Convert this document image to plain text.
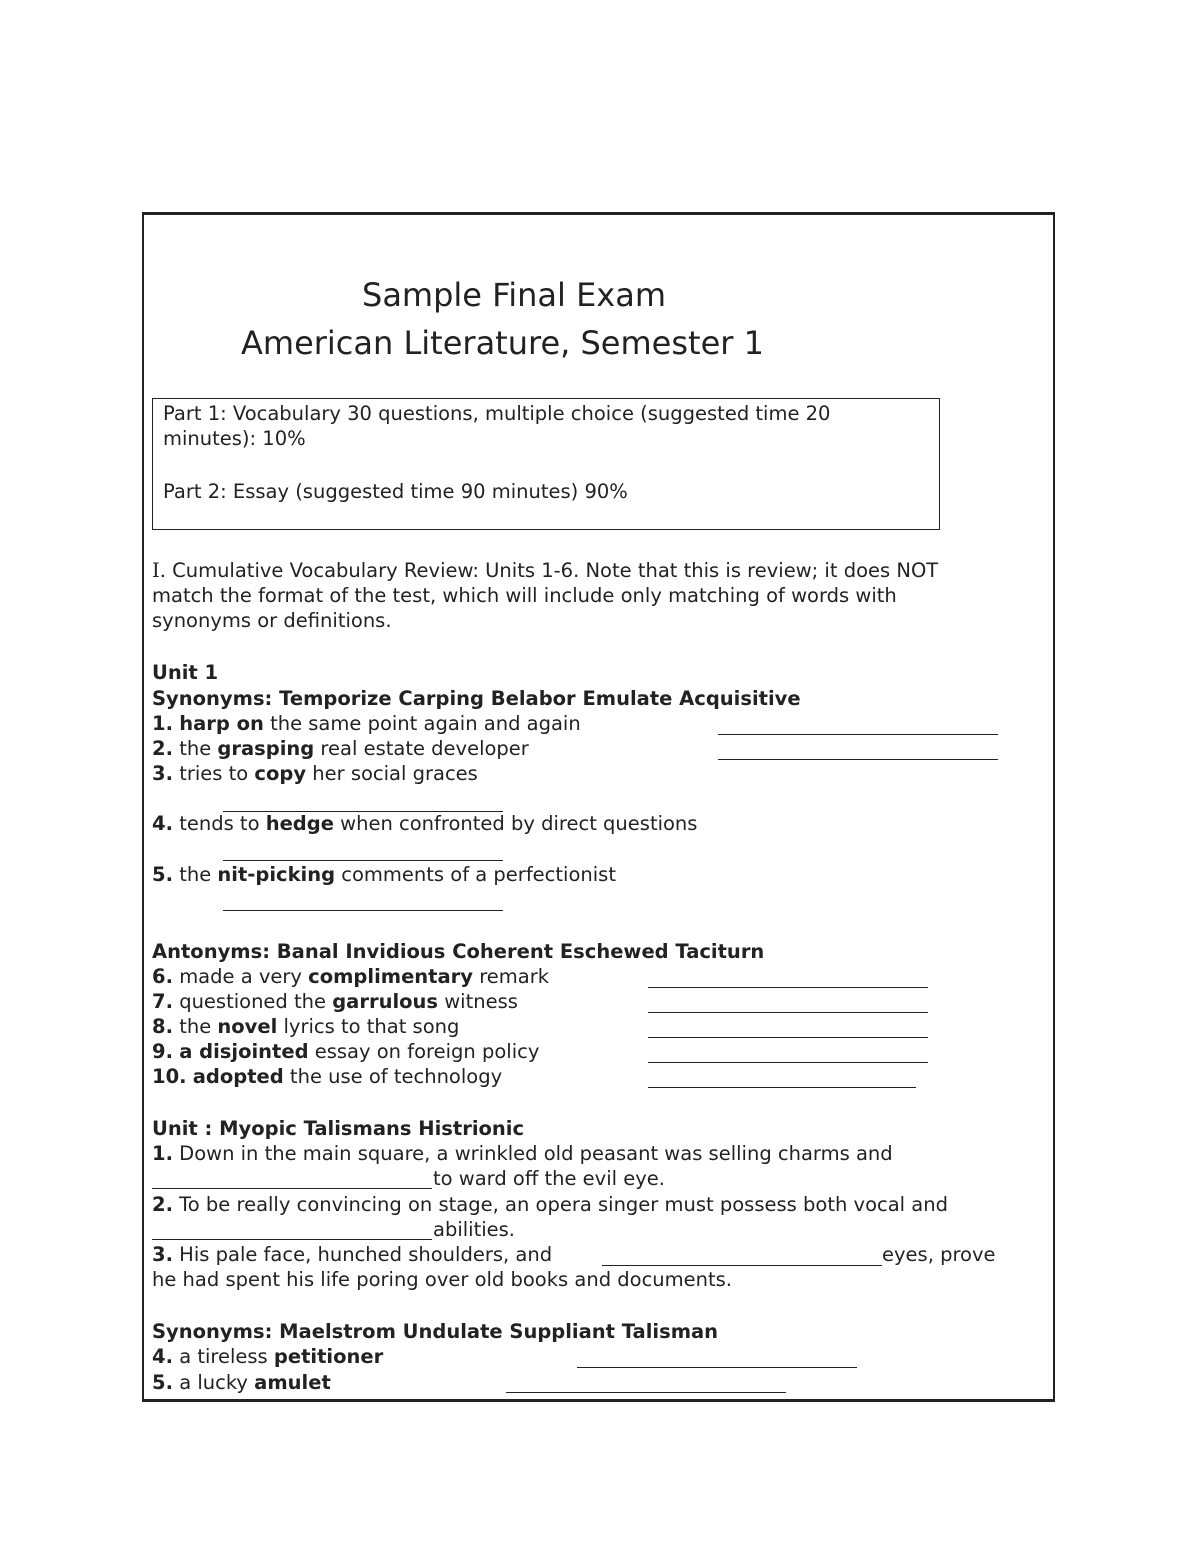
Sample Final Exam
American Literature, Semester 1
Part 1: Vocabulary 30 questions, multiple choice (suggested time 20
minutes): 10%
Part 2: Essay (suggested time 90 minutes) 90%
I. Cumulative Vocabulary Review: Units 1-6. Note that this is review; it does NOT
match the format of the test, which will include only matching of words with
synonyms or definitions.
Unit 1
Synonyms: Temporize Carping Belabor Emulate Acquisitive
1. harp on the same point again and again
2. the grasping real estate developer
3. tries to copy her social graces
4. tends to hedge when confronted by direct questions
5. the nit-picking comments of a perfectionist
Antonyms: Banal Invidious Coherent Eschewed Taciturn
6. made a very complimentary remark
7. questioned the garrulous witness
8. the novel lyrics to that song
9. a disjointed essay on foreign policy
10. adopted the use of technology
Unit : Myopic Talismans Histrionic
1. Down in the main square, a wrinkled old peasant was selling charms and
to ward off the evil eye.
2. To be really convincing on stage, an opera singer must possess both vocal and
abilities.
3. His pale face, hunched shoulders, and	eyes, prove
he had spent his life poring over old books and documents.
Synonyms: Maelstrom Undulate Suppliant Talisman
4. a tireless petitioner
5. a lucky amulet
